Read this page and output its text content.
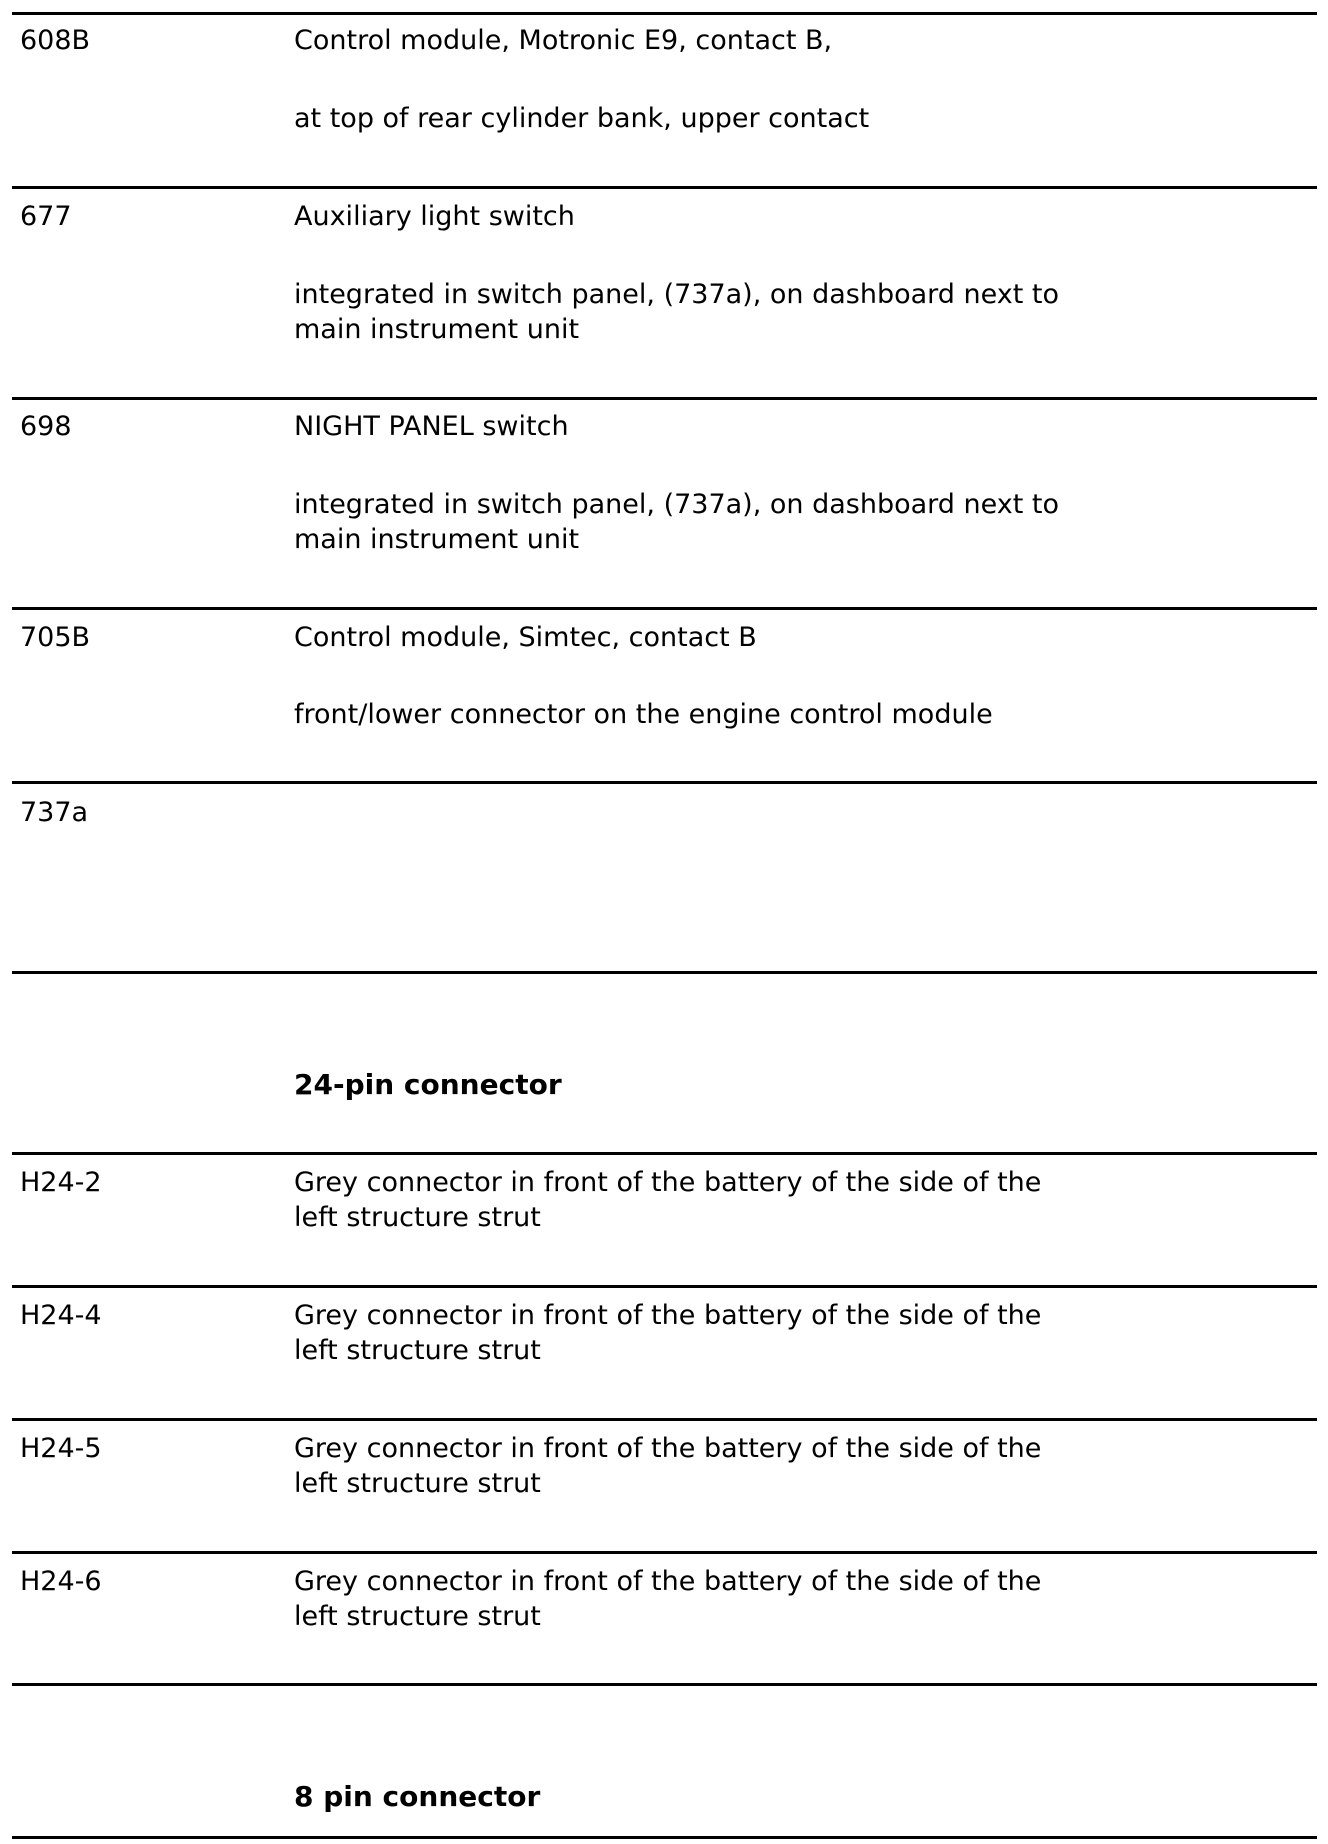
608B	Control module, Motronic E9, contact B,
at top of rear cylinder bank, upper contact
677	Auxiliary light switch
integrated in switch panel, (737a), on dashboard next to
main instrument unit
698	NIGHT PANEL switch
integrated in switch panel, (737a), on dashboard next to
main instrument unit
705B	Control module, Simtec, contact B
front/lower connector on the engine control module
737a
24-pin connector
H24-2	Grey connector in front of the battery of the side of the
left structure strut
H24-4	Grey connector in front of the battery of the side of the
left structure strut
H24-5	Grey connector in front of the battery of the side of the
left structure strut
H24-6	Grey connector in front of the battery of the side of the
left structure strut
8 pin connector
